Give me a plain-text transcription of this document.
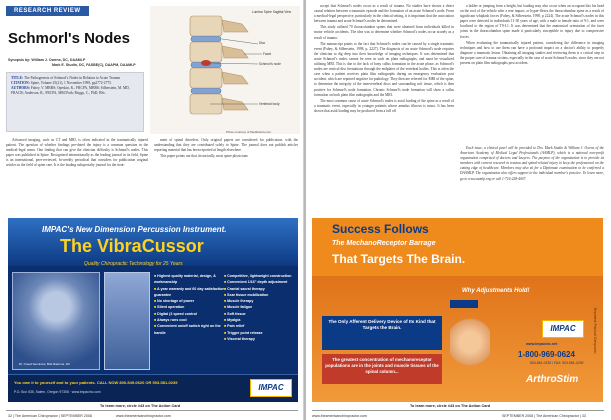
RESEARCH REVIEW
Schmorl's Nodes
Synopsis by: William J. Owens, DC, DAAMLP
Mark E. Studin, DC, FASBE(C), DAAPM, DAAMLP
TITLE: The Pathogenesis of Schmorl's Nodes in Relation to Acute Trauma
CITATION: Spine, Volume 25(21), 1 November 1998, pp2772-2775.
AUTHORS: Fahey, V. MBBS; Opeskin, K., FRCPA, MBBS; Silberstein, M. MD, FRACR; Anderson, R., FRCPA, MRCPath; Briggs, C., PhD, BSc.
Lumbar Spine Sagittal View
Disc
Facet
Schmorl's node
Vertebral body
Photo courtesy of Medillustra.com

Advanced imaging, such as CT and MRI, is often indicated in the traumatically injured patient. The question of whether findings pre-dated the injury is a common question in the medical-legal arena. One finding that can give the clinician difficulty is Schmorl's nodes. This paper was published in Spine. Recognized internationally as the leading journal in its field, Spine is an international, peer-reviewed, bi-weekly periodical that considers for publication original articles in the field of spine care. It is the leading subspecialty journal for the treat-

ment of spinal disorders. Only original papers are considered for publication, with the understanding that they are contributed solely to Spine. The journal does not publish articles reporting material that has been reported at length elsewhere.

This paper points out that, historically, most spine physicians

IMPAC's New Dimension Percussion Instrument.
The VibraCussor
Quality Chiropractic Technology for 25 Years
Dr. Creed Seminars, Bob Rasmus, DC
■ Highest quality material, design, & workmanship
■ A year warranty and 60 day satisfaction guarantee
■ No shortage of power
■ Silent operation
■ Digital (3 speed control
■ Always runs cool
■ Convenient on/off switch right on the handle
■ Competitive, lightweight construction
■ Convenient 1/16" depth adjustment
■ Cranial sacral therapy
■ Scar tissue mobilization
■ Muscle therapy
■ Muscle fatigue
■ Soft tissue
■ Myalgia
■ Pain relief
■ Trigger point release
■ Visceral therapy
You owe it to yourself and to your patients. CALL NOW 800-549-0620 OR 503-581-0239
P.O. Box 535, Salem, Oregon 97308 · www.impacinc.com	IMPAC
To learn more, circle #43 on The Action Card
32 | The American Chiropractor | SEPTEMBER 2008	www.theamericanchiropractor.com

accept that Schmorl's nodes occur as a result of trauma. No studies have shown a direct causal relation between a traumatic episode and the formation of an acute Schmorl's node. From a medical-legal perspective, particularly in the clinical setting, it is important that the association between trauma and acute Schmorl's nodes be determined.

This study utilized 70 thoracolumbar spines that were obtained from individuals killed in motor vehicle accidents. The idea was to determine whether Schmorl's nodes occur acutely as a result of trauma.

The manuscript points to the fact that Schmorl's nodes can be caused by a single traumatic event (Fahey, & Silberstein, 1998, p. 2227). The diagnosis of an acute Schmorl's node requires the clinician to dig deep into their knowledge of imaging techniques. It was determined that acute Schmorl's nodes cannot be seen as such on plain radiographs, and must be visualized utilizing MRI. This is due to the lack of bony callus formation in the acute phase, as Schmorl's nodes are vertical disc herniations through the endplates of the vertebral bodies. This is often the case when a patient receives plain film radiographs during an emergency evaluation post accident, which are reported negative for pathology. They then are referred for MRI of the spine, to determine the integrity of the intervertebral discs and surrounding soft tissue, which is then positive for Schmorl's node formation. Chronic Schmorl's node formation will show a callus formation on both plain film radiographs and the MRI.

The most common cause of acute Schmorl's nodes is axial loading of the spine as a result of a traumatic event, especially in younger patients whose annulus fibrosis is intact. It has been shown that axial loading may be produced from a fall off

a ladder or jumping from a height, but loading may also occur when an occupant hits his head on the roof of the vehicle after a rear impact, or hyper-flexes the thoracolumbar spine as a result of significant whiplash forces (Fahey, & Silberstein, 1998, p 2224). The acute Schmorl's nodes in this paper were detected in individuals 11-30 years of age, with a male to female ratio of 9:1, and were localized to the region of T9-L1. It was determined that the anatomical orientation of the facet joints in the thoracolumbar spine made it particularly susceptible to injury due to compressive forces.

When evaluating the traumatically injured patient, considering the difference in imaging techniques and how to use them can have a profound impact on a doctor's ability to properly diagnose a traumatic lesion. Obtaining all imaging studies and reviewing them is a critical step in the proper care of trauma victims, especially in the case of acute Schmorl's nodes, since they are not present on plain film radiographs post accident.

Each issue, a clinical pearl will be provided to Drs. Mark Studin & William J. Owens of the American Academy of Medical Legal Professionals (AAMLP), which is a national non-profit organization comprised of doctors and lawyers. The purpose of the organization is to provide its members with current research in trauma and spinal-related injury to keep the professional on the cutting edge of healthcare. Members may also sit for a Diplomate examination to be conferred a DAAMLP. The organization also offers support to the individual member's practice. To learn more, go to www.aamlp.org or call 1-716-228-4007.

Success Follows
The MechanoReceptor Barrage
That Targets The Brain.
Why Adjustments Hold!
The Only Afferent Delivery Device of Its Kind that Targets the Brain.
The greatest concentration of mechanoreceptor populations are in the joints and muscle tissues of the spinal column...
IMPAC
www.impacinc.net
1-800-969-0624
503-581-0239 / FAX: 503-581-0239
ArthroStim
Reprinted: Practical Chiropractic
To learn more, circle #43 on The Action Card
www.theamericanchiropractor.com	SEPTEMBER 2008 | The American Chiropractor | 33
